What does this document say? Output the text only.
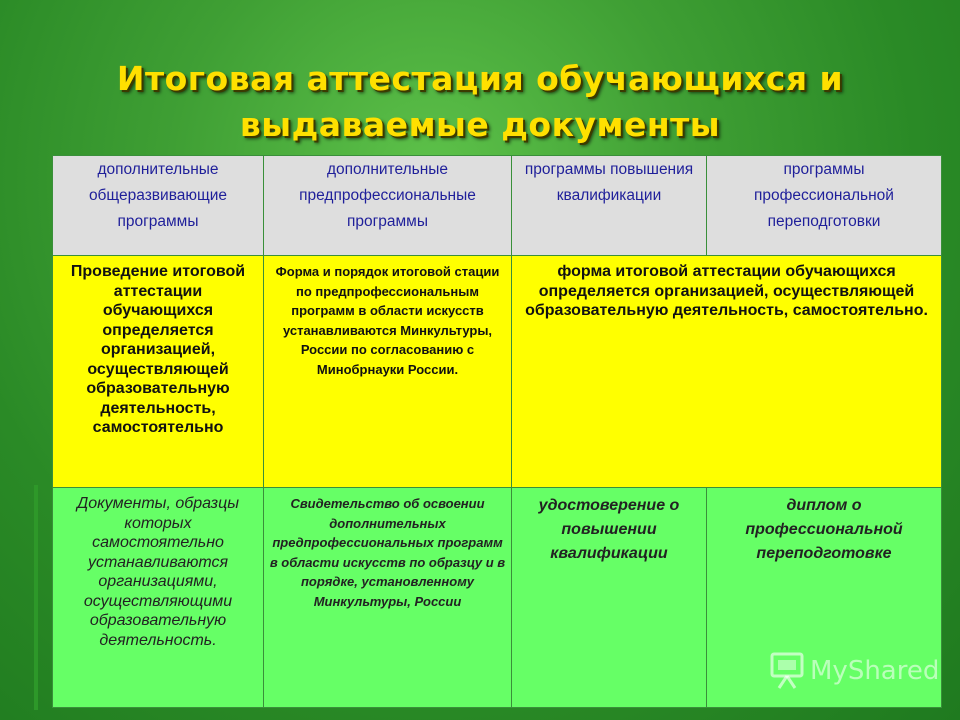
Итоговая аттестация обучающихся и выдаваемые документы
дополнительные общеразвивающие программы	дополнительные предпрофессиональные программы	программы повышения квалификации	программы профессиональной переподготовки
Проведение итоговой аттестации обучающихся определяется организацией, осуществляющей образовательную деятельность, самостоятельно	Форма и порядок итоговой стации по предпрофессиональным программ в области искусств устанавливаются Минкультуры, России по согласованию с Минобрнауки России.	форма итоговой аттестации обучающихся определяется организацией, осуществляющей образовательную деятельность, самостоятельно.	
Документы, образцы которых самостоятельно устанавливаются организациями, осуществляющими образовательную деятельность.	Свидетельство об освоении дополнительных предпрофессиональных программ в области искусств по образцу и в порядке, установленному Минкультуры, России	удостоверение о повышении квалификации	диплом о профессиональной переподготовке
MyShared
